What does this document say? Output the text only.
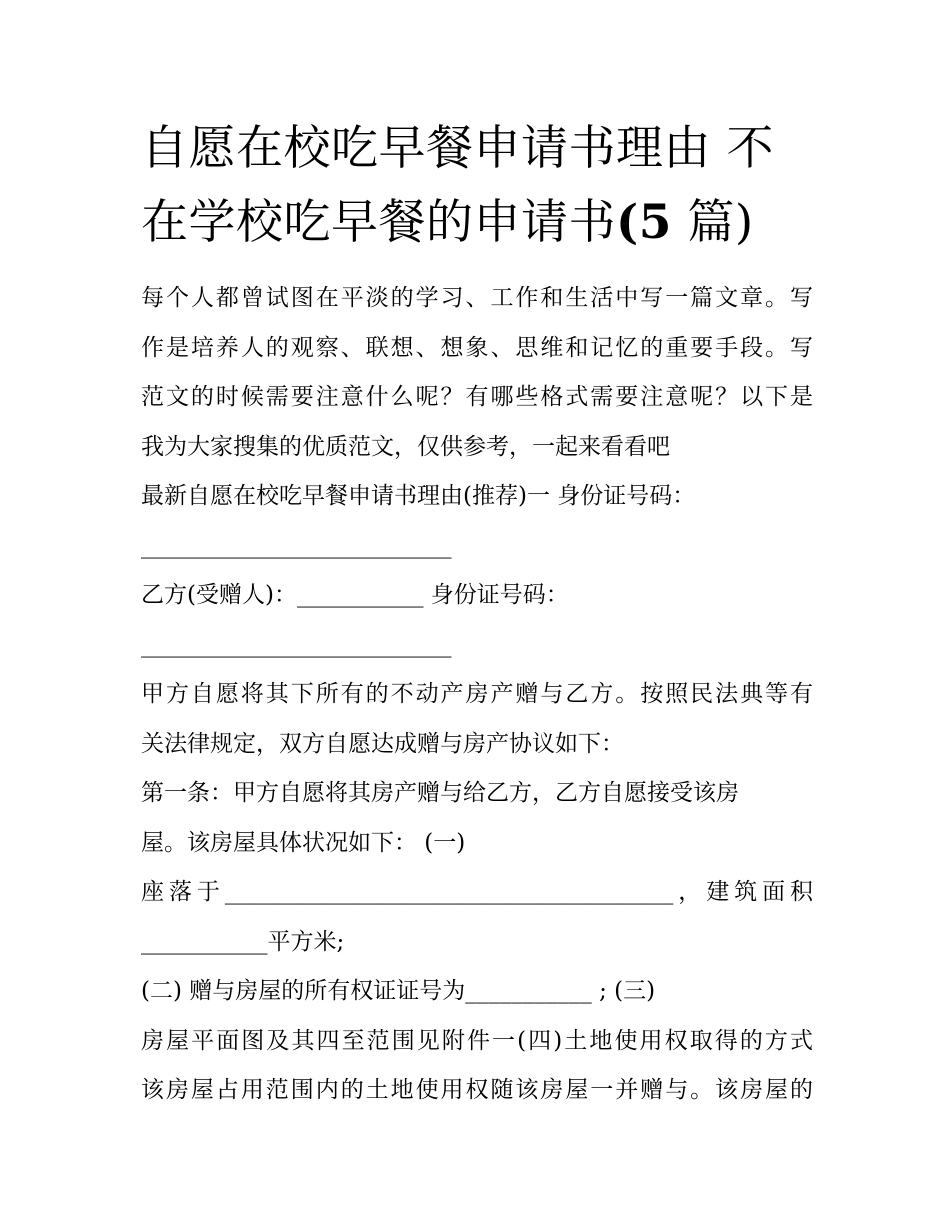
自愿在校吃早餐申请书理由 不
在学校吃早餐的申请书(5 篇)
每个人都曾试图在平淡的学习、工作和生活中写一篇文章。写
作是培养人的观察、联想、想象、思维和记忆的重要手段。写
范文的时候需要注意什么呢？有哪些格式需要注意呢？以下是
我为大家搜集的优质范文，仅供参考，一起来看看吧
最新自愿在校吃早餐申请书理由(推荐)一 身份证号码：
___________________________
乙方(受赠人)：___________ 身份证号码：
___________________________
甲方自愿将其下所有的不动产房产赠与乙方。按照民法典等有
关法律规定，双方自愿达成赠与房产协议如下：
第一条：甲方自愿将其房产赠与给乙方，乙方自愿接受该房
屋。该房屋具体状况如下： (一)
座落于_______________________________________，建筑面积
___________平方米;
(二) 赠与房屋的所有权证证号为___________ ; (三)
房屋平面图及其四至范围见附件一(四)土地使用权取得的方式
该房屋占用范围内的土地使用权随该房屋一并赠与。该房屋的
